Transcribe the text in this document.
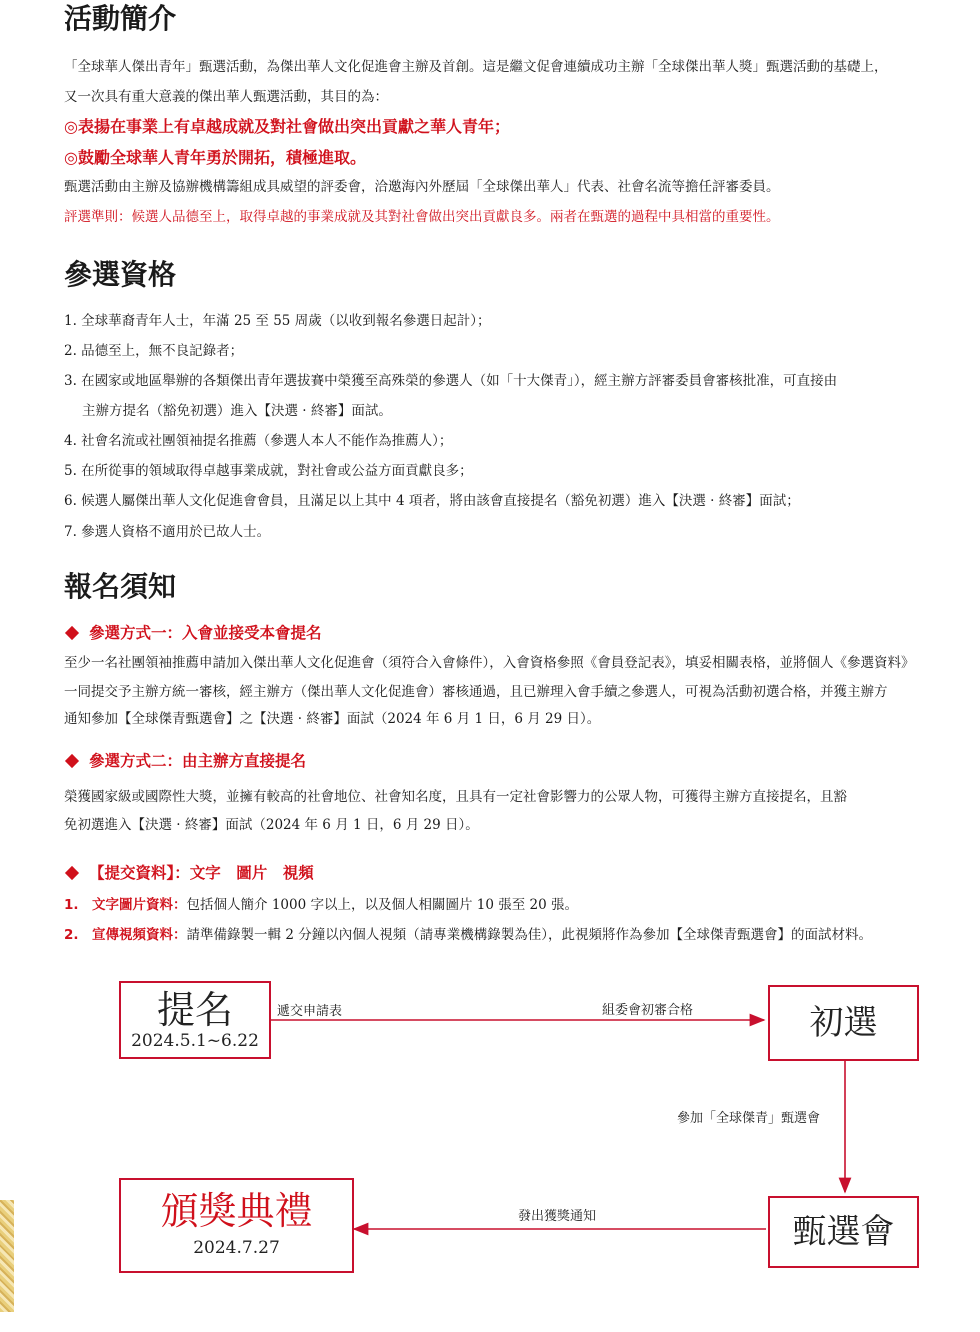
活動簡介

「全球華人傑出青年」甄選活動，為傑出華人文化促進會主辦及首創。這是繼文促會連續成功主辦「全球傑出華人獎」甄選活動的基礎上，

又一次具有重大意義的傑出華人甄選活動，其目的為：

◎表揚在事業上有卓越成就及對社會做出突出貢獻之華人青年；

◎鼓勵全球華人青年勇於開拓，積極進取。

甄選活動由主辦及協辦機構籌組成具威望的評委會，洽邀海內外歷屆「全球傑出華人」代表、社會名流等擔任評審委員。

評選準則：候選人品德至上，取得卓越的事業成就及其對社會做出突出貢獻良多。兩者在甄選的過程中具相當的重要性。

參選資格

1. 全球華裔青年人士，年滿 25 至 55 周歲（以收到報名參選日起計）；

2. 品德至上，無不良記錄者；

3. 在國家或地區舉辦的各類傑出青年選拔賽中榮獲至高殊榮的參選人（如「十大傑青」），經主辦方評審委員會審核批准，可直接由

主辦方提名（豁免初選）進入【決選 · 終審】面試。

4. 社會名流或社團領袖提名推薦（參選人本人不能作為推薦人）；

5. 在所從事的領域取得卓越事業成就，對社會或公益方面貢獻良多；

6. 候選人屬傑出華人文化促進會會員，且滿足以上其中 4 項者，將由該會直接提名（豁免初選）進入【決選 · 終審】面試；

7. 參選人資格不適用於已故人士。

報名須知
參選方式一：入會並接受本會提名

至少一名社團領袖推薦申請加入傑出華人文化促進會（須符合入會條件），入會資格參照《會員登記表》，填妥相關表格，並將個人《參選資料》

一同提交予主辦方統一審核，經主辦方（傑出華人文化促進會）審核通過，且已辦理入會手續之參選人，可視為活動初選合格，并獲主辦方

通知參加【全球傑青甄選會】之【決選 · 終審】面試（2024 年 6 月 1 日，6 月 29 日）。

參選方式二：由主辦方直接提名

榮獲國家級或國際性大獎，並擁有較高的社會地位、社會知名度，且具有一定社會影響力的公眾人物，可獲得主辦方直接提名，且豁

免初選進入【決選 · 終審】面試（2024 年 6 月 1 日，6 月 29 日）。

【提交資料】：文字　圖片　視頻

1.　文字圖片資料：包括個人簡介 1000 字以上，以及個人相關圖片 10 張至 20 張。

2.　宣傳視頻資料：請準備錄製一輯 2 分鐘以內個人視頻（請專業機構錄製為佳），此視頻將作為參加【全球傑青甄選會】的面試材料。

提名
2024.5.1~6.22
遞交申請表	組委會初審合格	初選
參加「全球傑青」甄選會
甄選會
發出獲獎通知
頒獎典禮
2024.7.27
